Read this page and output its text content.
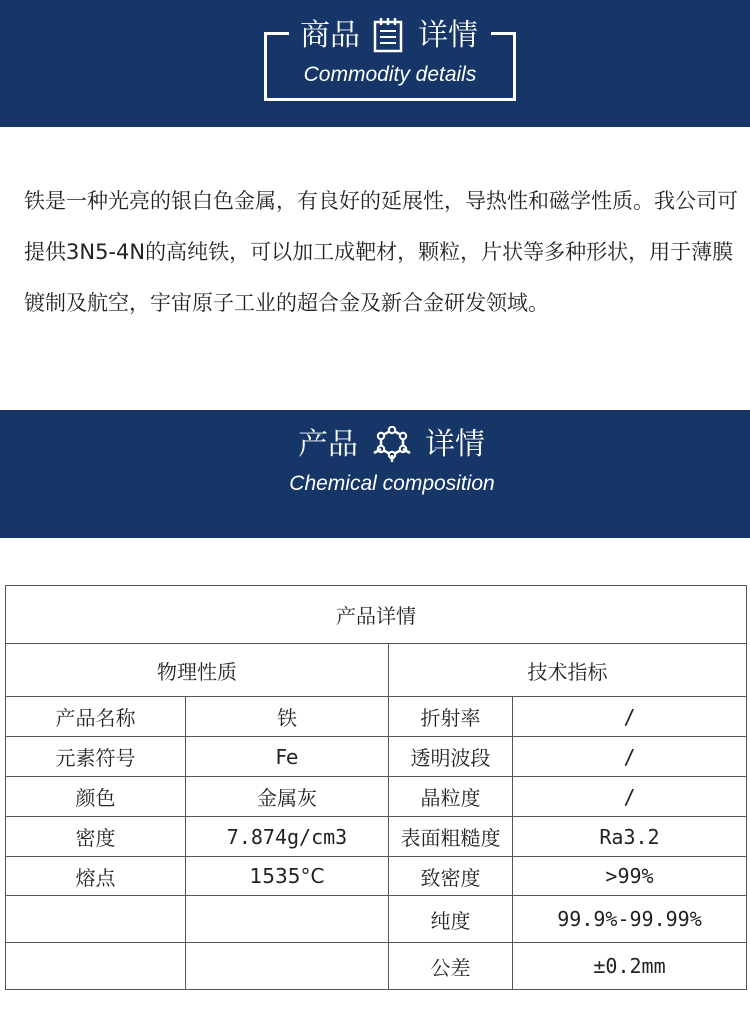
商品 详情
Commodity details
铁是一种光亮的银白色金属，有良好的延展性，导热性和磁学性质。我公司可提供3N5-4N的高纯铁，可以加工成靶材，颗粒，片状等多种形状，用于薄膜镀制及航空，宇宙原子工业的超合金及新合金研发领域。
产品 详情
Chemical composition
产品详情			
物理性质		技术指标	
产品名称	铁	折射率	/
元素符号	Fe	透明波段	/
颜色	金属灰	晶粒度	/
密度	7.874g/cm3	表面粗糙度	Ra3.2
熔点	1535°C	致密度	>99%
		纯度	99.9%-99.99%
		公差	±0.2mm
